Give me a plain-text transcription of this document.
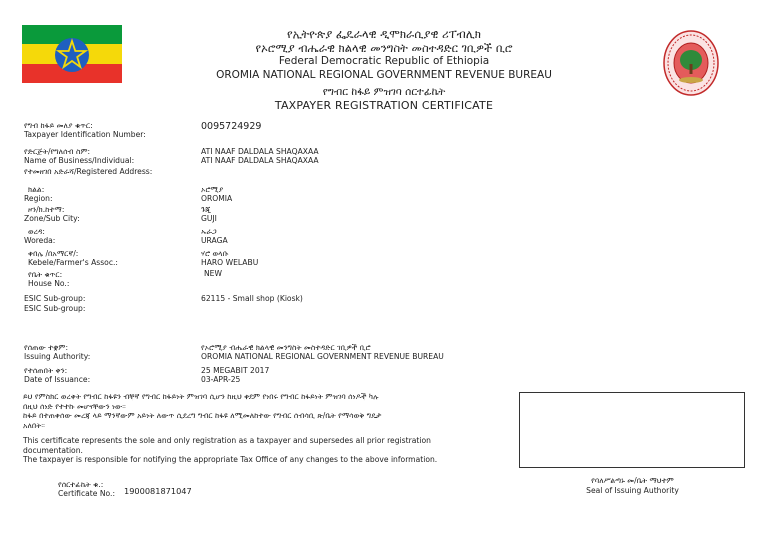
የኢትዮጵያ ፌዴራላዊ ዲሞክራሲያዊ ሪፐብሊክ
የኦሮሚያ ብሔራዊ ክልላዊ መንግስት መስተዳድር ገቢዎች ቢሮ
Federal Democratic Republic of Ethiopia
OROMIA NATIONAL REGIONAL GOVERNMENT REVENUE BUREAU
የግብር ከፋይ ምዝገባ ሰርተፊኬት
TAXPAYER REGISTRATION CERTIFICATE
የግብ ከፋይ መለያ ቁጥር:
Taxpayer Identification Number:
0095724929
የድርጅት/የግለሰብ ስም:
Name of Business/Individual:
ATI NAAF DALDALA SHAQAXAA
ATI NAAF DALDALA SHAQAXAA
የተመዘገበ አድራሻ/Registered Address:
ክልል:
Region:
ኦሮሚያ
OROMIA
ዞን/ክ.ከተማ:
Zone/Sub City:
ጉጂ
GUJI
ወረዳ:
Woreda:
ኡራጋ
URAGA
ቀበሌ /በአማርኛ/:
Kebele/Farmer's Assoc.:
ሃሮ ወላቡ
HARO WELABU
የቤት ቁጥር:
House No.:
NEW
ESIC Sub-group:
ESIC Sub-group:
62115 - Small shop (Kiosk)
የሰጠው ተቋም:
Issuing Authority:
የኦሮሚያ ብሔራዊ ክልላዊ መንግስት መስተዳድር ገቢዎች ቢሮ
OROMIA NATIONAL REGIONAL GOVERNMENT REVENUE BUREAU
የተሰጠበት ቀን:
Date of Issuance:
25 MEGABIT 2017
03-APR-25
ይህ የምስክር ወረቀት የግብር ከፋዩን ብቸኛ የግብር ከፋይነት ምዝገባ ሲሆን ከዚህ ቀደም የነበሩ የግብር ከፋይነት ምዝገባ ሰነዶች ካሉ
በዚህ ሰነድ የተተኩ መሆናቸውን ነው።
ከፋይ በተጠቀሰው መረጃ ላይ ማንኛውም አይነት ለውጥ ሲደረግ ግብር ከፋዩ ለሚመለከተው የግብር ሰብሳቢ ጽ/ቤት የማሳወቅ ግዴታ
አለበት።
This certificate represents the sole and only registration as a taxpayer and supersedes all prior registration
documentation.
The taxpayer is responsible for notifying the appropriate Tax Office of any changes to the above information.
የባለሥልጣኑ መ/ቤት ማህተም
Seal of Issuing Authority
የሰርተፊኬት ቁ.:
Certificate No.: 1900081871047
